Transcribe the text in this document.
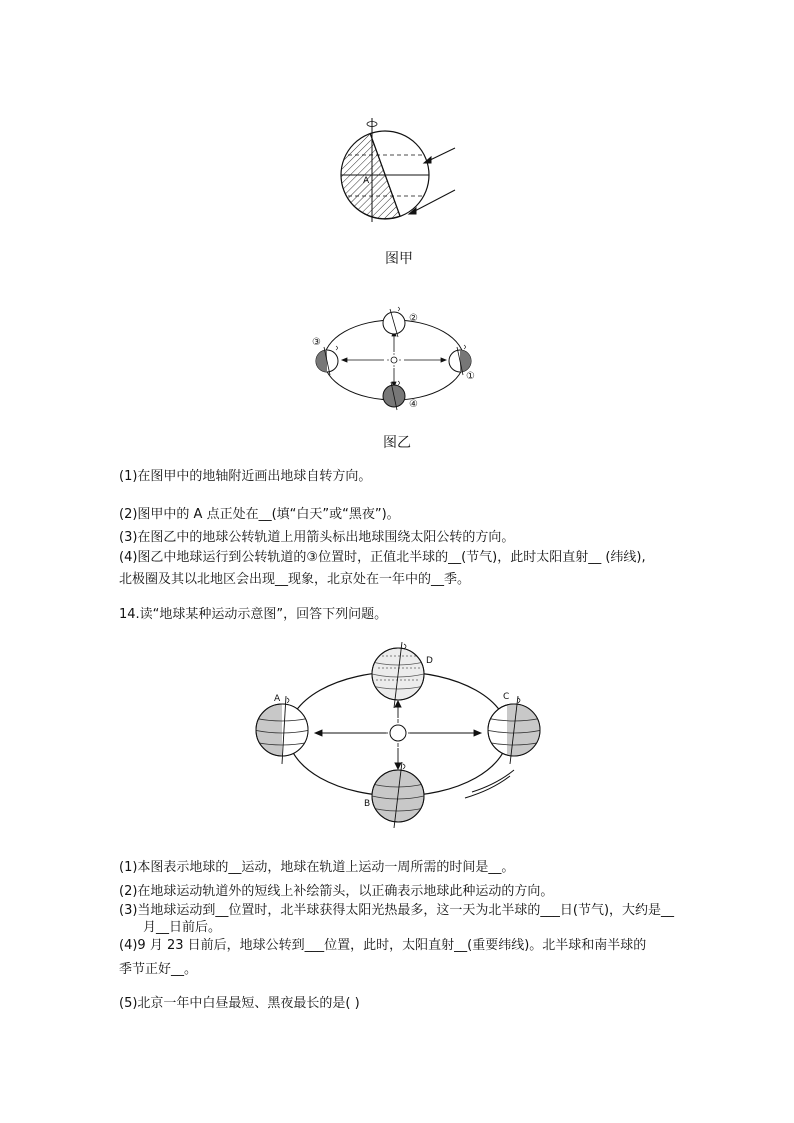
A
图甲
②
③
①
④
图乙
(1)在图甲中的地轴附近画出地球自转方向。
(2)图甲中的 A 点正处在__(填“白天”或“黑夜”)。
(3)在图乙中的地球公转轨道上用箭头标出地球围绕太阳公转的方向。
(4)图乙中地球运行到公转轨道的③位置时，正值北半球的__(节气)，此时太阳直射__ (纬线),
北极圈及其以北地区会出现__现象，北京处在一年中的__季。
14.读“地球某种运动示意图”，回答下列问题。
A
B
C
D
(1)本图表示地球的__运动，地球在轨道上运动一周所需的时间是__。
(2)在地球运动轨道外的短线上补绘箭头，以正确表示地球此种运动的方向。
(3)当地球运动到__位置时，北半球获得太阳光热最多，这一天为北半球的___日(节气)，大约是__
月__日前后。
(4)9 月 23 日前后，地球公转到___位置，此时，太阳直射__(重要纬线)。北半球和南半球的
季节正好__。
(5)北京一年中白昼最短、黑夜最长的是( )
